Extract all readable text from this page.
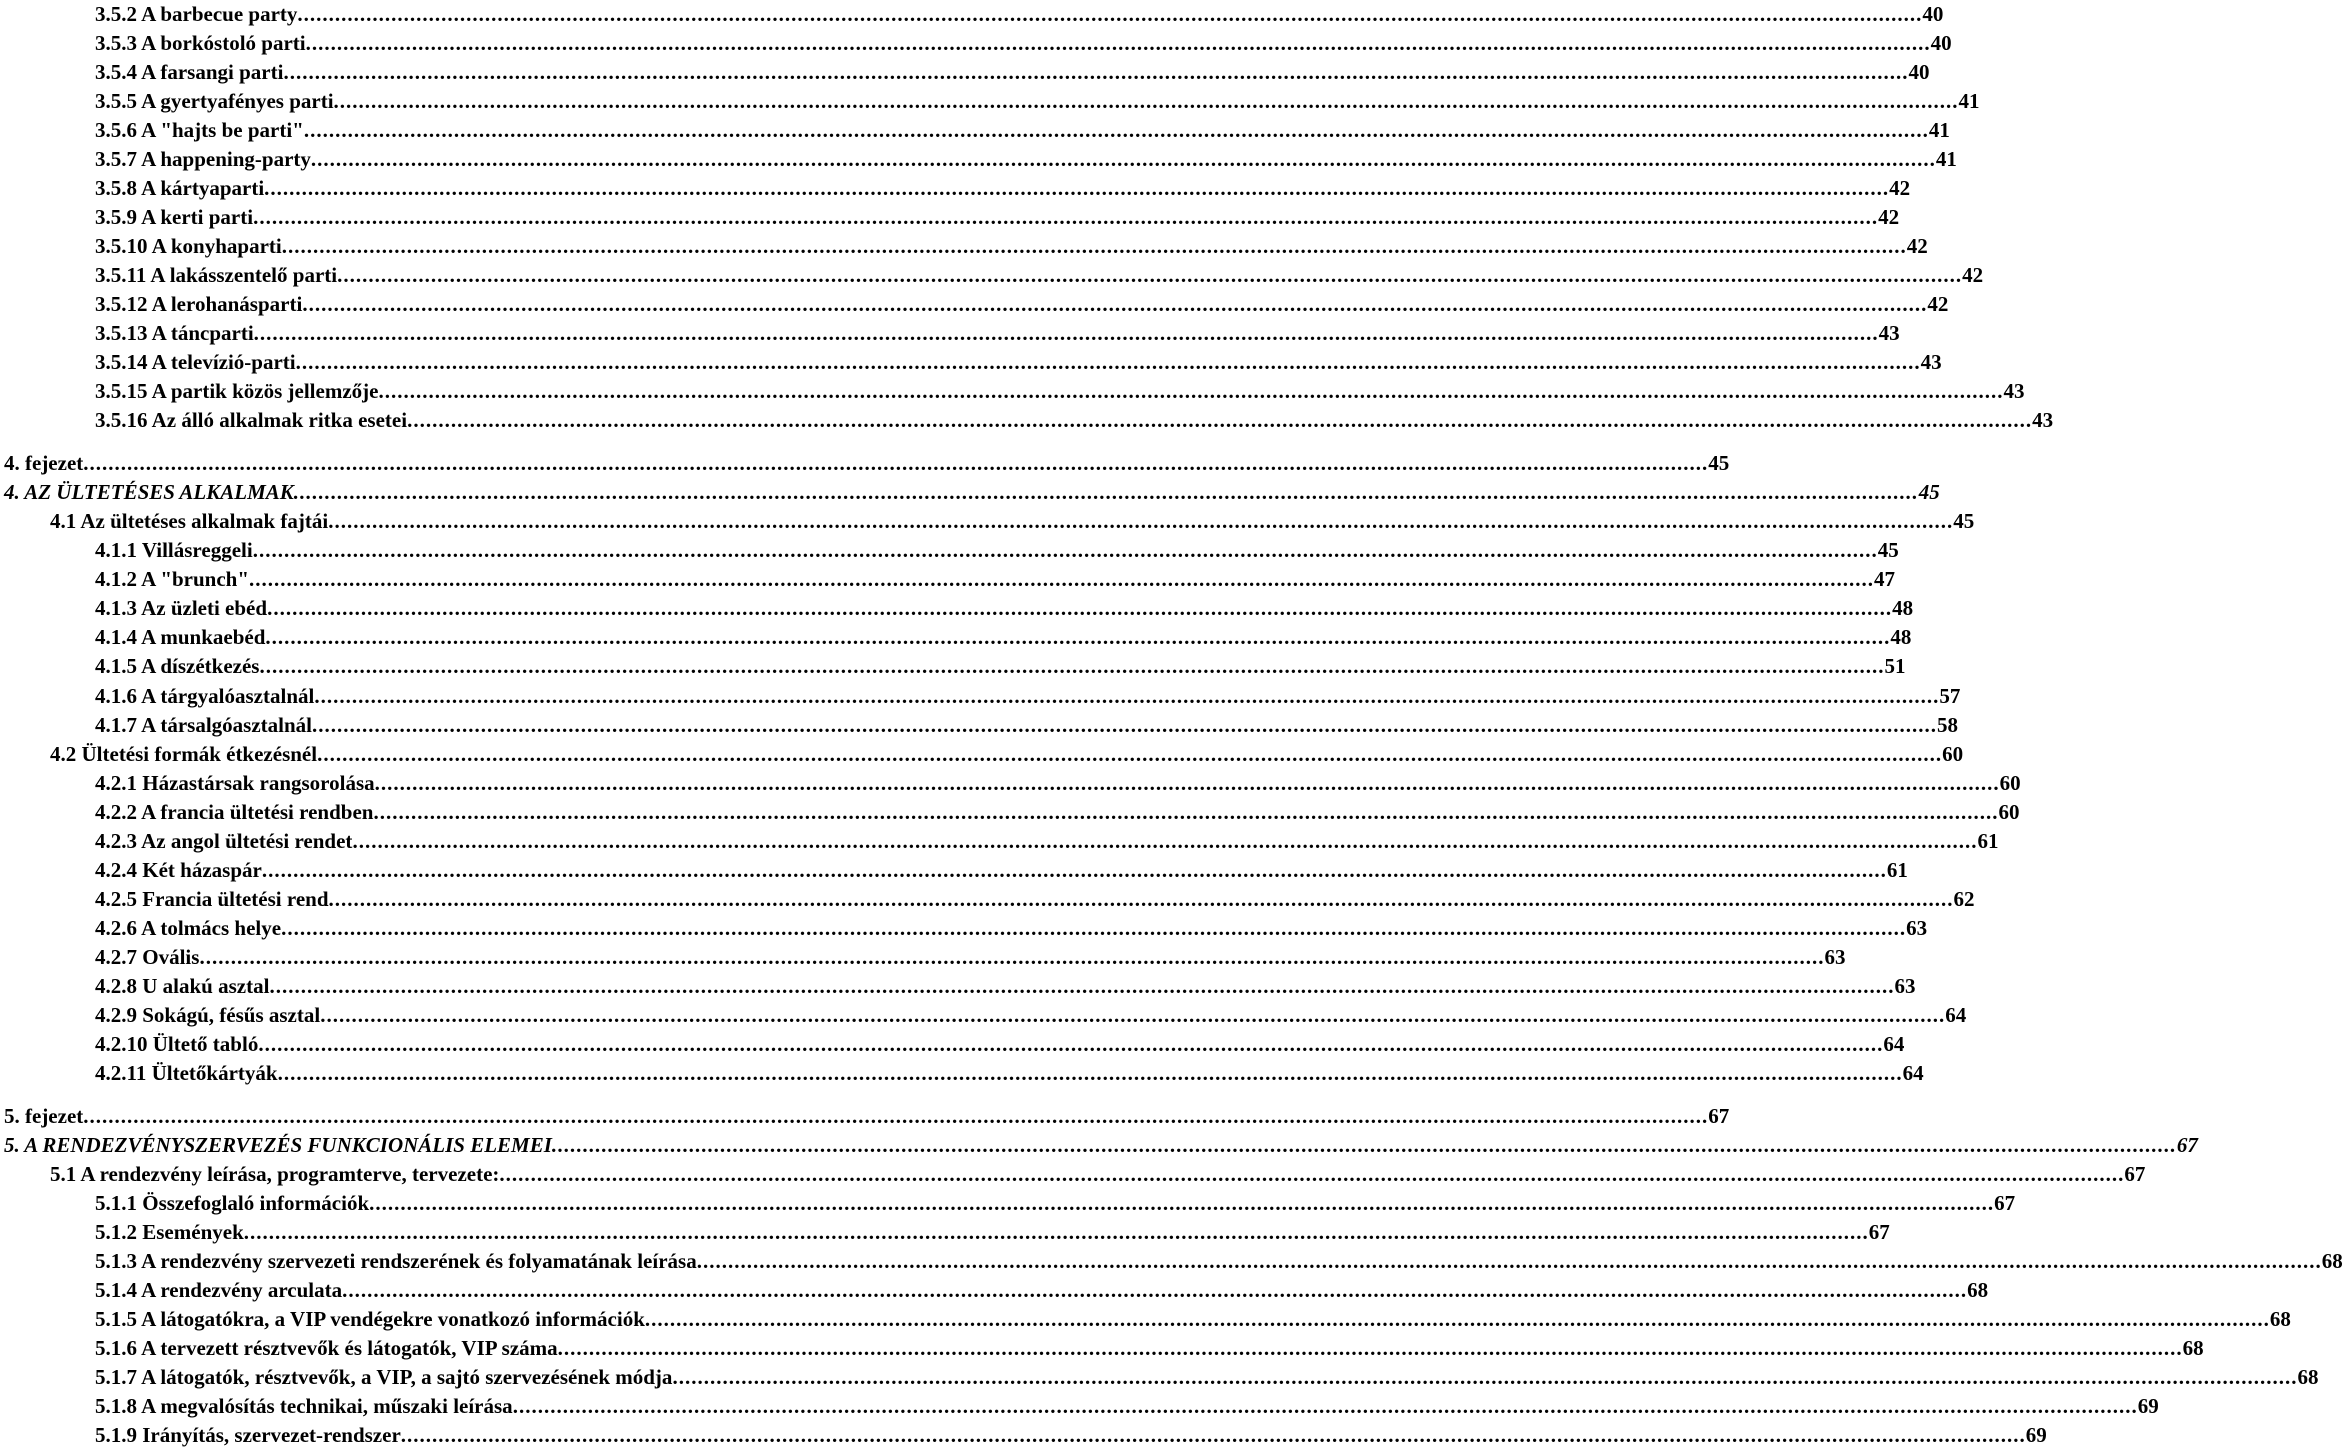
3.5.2 A barbecue party .................................................................................................................................................................................................................................................................... 40
3.5.3 A borkóstoló parti .................................................................................................................................................................................................................................................................... 40
3.5.4 A farsangi parti .................................................................................................................................................................................................................................................................... 40
3.5.5 A gyertyafényes parti .................................................................................................................................................................................................................................................................... 41
3.5.6 A "hajts be parti" .................................................................................................................................................................................................................................................................... 41
3.5.7 A happening-party .................................................................................................................................................................................................................................................................... 41
3.5.8 A kártyaparti .................................................................................................................................................................................................................................................................... 42
3.5.9 A kerti parti .................................................................................................................................................................................................................................................................... 42
3.5.10 A konyhaparti .................................................................................................................................................................................................................................................................... 42
3.5.11 A lakásszentelő parti .................................................................................................................................................................................................................................................................... 42
3.5.12 A lerohanásparti .................................................................................................................................................................................................................................................................... 42
3.5.13 A táncparti .................................................................................................................................................................................................................................................................... 43
3.5.14 A televízió-parti .................................................................................................................................................................................................................................................................... 43
3.5.15 A partik közös jellemzője .................................................................................................................................................................................................................................................................... 43
3.5.16 Az álló alkalmak ritka esetei .................................................................................................................................................................................................................................................................... 43
4. fejezet .................................................................................................................................................................................................................................................................... 45
4. AZ ÜLTETÉSES ALKALMAK .................................................................................................................................................................................................................................................................... 45
4.1 Az ültetéses alkalmak fajtái .................................................................................................................................................................................................................................................................... 45
4.1.1 Villásreggeli .................................................................................................................................................................................................................................................................... 45
4.1.2 A "brunch" .................................................................................................................................................................................................................................................................... 47
4.1.3 Az üzleti ebéd .................................................................................................................................................................................................................................................................... 48
4.1.4 A munkaebéd .................................................................................................................................................................................................................................................................... 48
4.1.5 A díszétkezés .................................................................................................................................................................................................................................................................... 51
4.1.6 A tárgyalóasztalnál .................................................................................................................................................................................................................................................................... 57
4.1.7 A társalgóasztalnál .................................................................................................................................................................................................................................................................... 58
4.2 Ültetési formák étkezésnél .................................................................................................................................................................................................................................................................... 60
4.2.1 Házastársak rangsorolása .................................................................................................................................................................................................................................................................... 60
4.2.2 A francia ültetési rendben .................................................................................................................................................................................................................................................................... 60
4.2.3 Az angol ültetési rendet .................................................................................................................................................................................................................................................................... 61
4.2.4 Két házaspár .................................................................................................................................................................................................................................................................... 61
4.2.5 Francia ültetési rend .................................................................................................................................................................................................................................................................... 62
4.2.6 A tolmács helye .................................................................................................................................................................................................................................................................... 63
4.2.7 Ovális .................................................................................................................................................................................................................................................................... 63
4.2.8 U alakú asztal .................................................................................................................................................................................................................................................................... 63
4.2.9 Sokágú, fésűs asztal .................................................................................................................................................................................................................................................................... 64
4.2.10 Ültető tabló .................................................................................................................................................................................................................................................................... 64
4.2.11 Ültetőkártyák .................................................................................................................................................................................................................................................................... 64
5. fejezet .................................................................................................................................................................................................................................................................... 67
5. A RENDEZVÉNYSZERVEZÉS FUNKCIONÁLIS ELEMEI .................................................................................................................................................................................................................................................................... 67
5.1 A rendezvény leírása, programterve, tervezete: .................................................................................................................................................................................................................................................................... 67
5.1.1 Összefoglaló információk .................................................................................................................................................................................................................................................................... 67
5.1.2 Események .................................................................................................................................................................................................................................................................... 67
5.1.3 A rendezvény szervezeti rendszerének és folyamatának leírása .................................................................................................................................................................................................................................................................... 68
5.1.4 A rendezvény arculata .................................................................................................................................................................................................................................................................... 68
5.1.5 A látogatókra, a VIP vendégekre vonatkozó információk .................................................................................................................................................................................................................................................................... 68
5.1.6 A tervezett résztvevők és látogatók, VIP száma .................................................................................................................................................................................................................................................................... 68
5.1.7 A látogatók, résztvevők, a VIP, a sajtó szervezésének módja .................................................................................................................................................................................................................................................................... 68
5.1.8 A megvalósítás technikai, műszaki leírása .................................................................................................................................................................................................................................................................... 69
5.1.9 Irányítás, szervezet-rendszer .................................................................................................................................................................................................................................................................... 69
